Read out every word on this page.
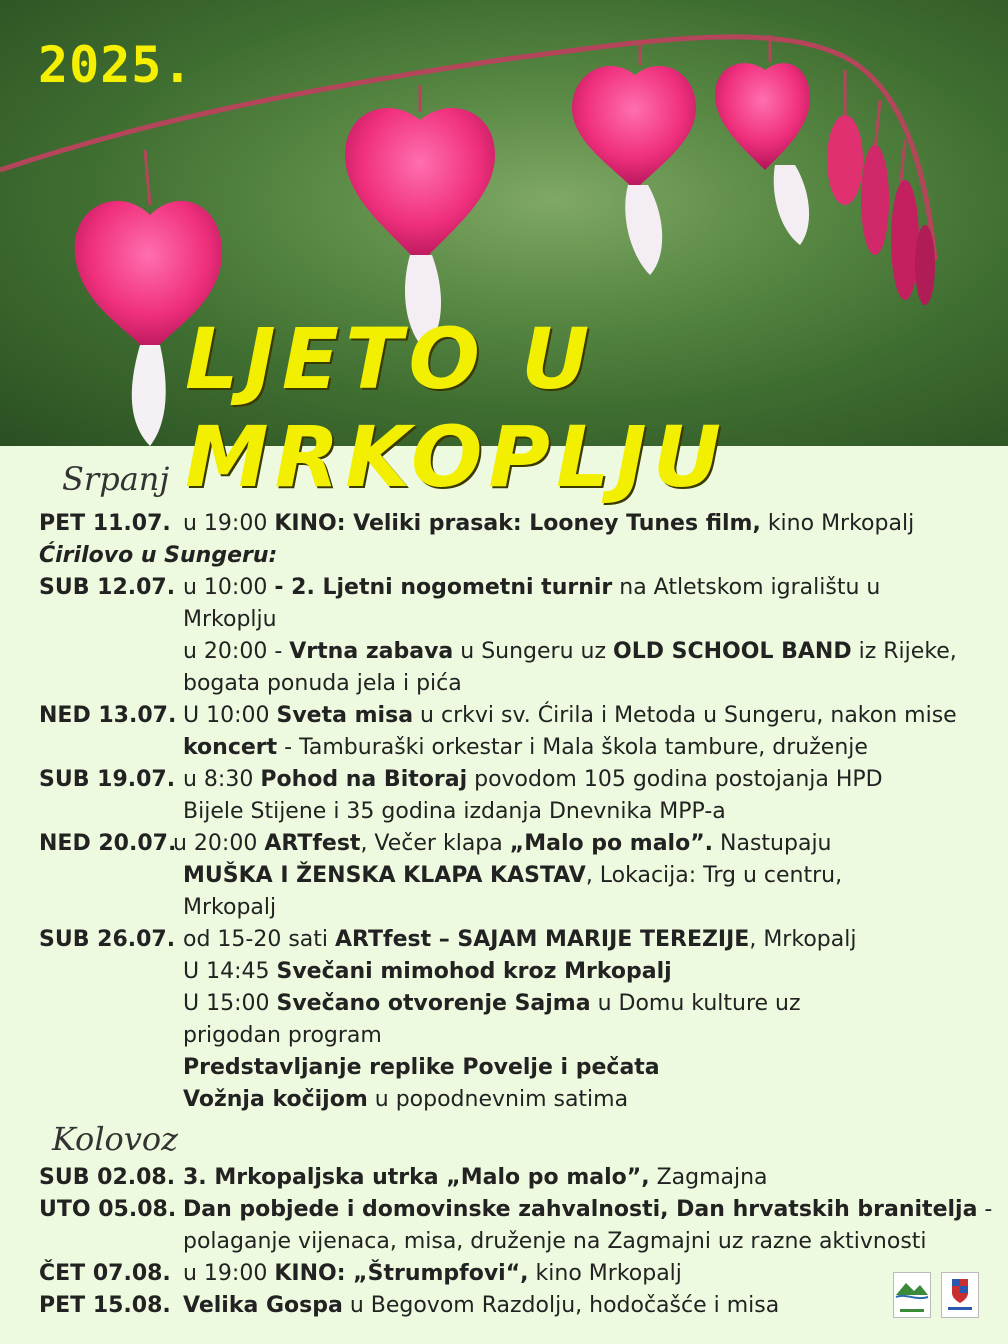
2025.
LJETO U MRKOPLJU
Srpanj
PET 11.07. u 19:00 KINO: Veliki prasak: Looney Tunes film, kino Mrkopalj
Ćirilovo u Sungeru:
SUB 12.07. u 10:00 - 2. Ljetni nogometni turnir na Atletskom igralištu u
Mrkoplju
u 20:00 - Vrtna zabava u Sungeru uz OLD SCHOOL BAND iz Rijeke,
bogata ponuda jela i pića
NED 13.07. U 10:00 Sveta misa u crkvi sv. Ćirila i Metoda u Sungeru, nakon mise
koncert - Tamburaški orkestar i Mala škola tambure, druženje
SUB 19.07. u 8:30 Pohod na Bitoraj povodom 105 godina postojanja HPD
Bijele Stijene i 35 godina izdanja Dnevnika MPP-a
NED 20.07.
u 20:00 ARTfest, Večer klapa „Malo po malo”. Nastupaju
MUŠKA I ŽENSKA KLAPA KASTAV, Lokacija: Trg u centru,
Mrkopalj
SUB 26.07. od 15-20 sati ARTfest – SAJAM MARIJE TEREZIJE, Mrkopalj
U 14:45 Svečani mimohod kroz Mrkopalj
U 15:00 Svečano otvorenje Sajma u Domu kulture uz
prigodan program
Predstavljanje replike Povelje i pečata
Vožnja kočijom u popodnevnim satima
Kolovoz
SUB 02.08. 3. Mrkopaljska utrka „Malo po malo”, Zagmajna
UTO 05.08. Dan pobjede i domovinske zahvalnosti, Dan hrvatskih branitelja -
polaganje vijenaca, misa, druženje na Zagmajni uz razne aktivnosti
ČET 07.08. u 19:00 KINO: „Štrumpfovi“, kino Mrkopalj
PET 15.08. Velika Gospa u Begovom Razdolju, hodočašće i misa
